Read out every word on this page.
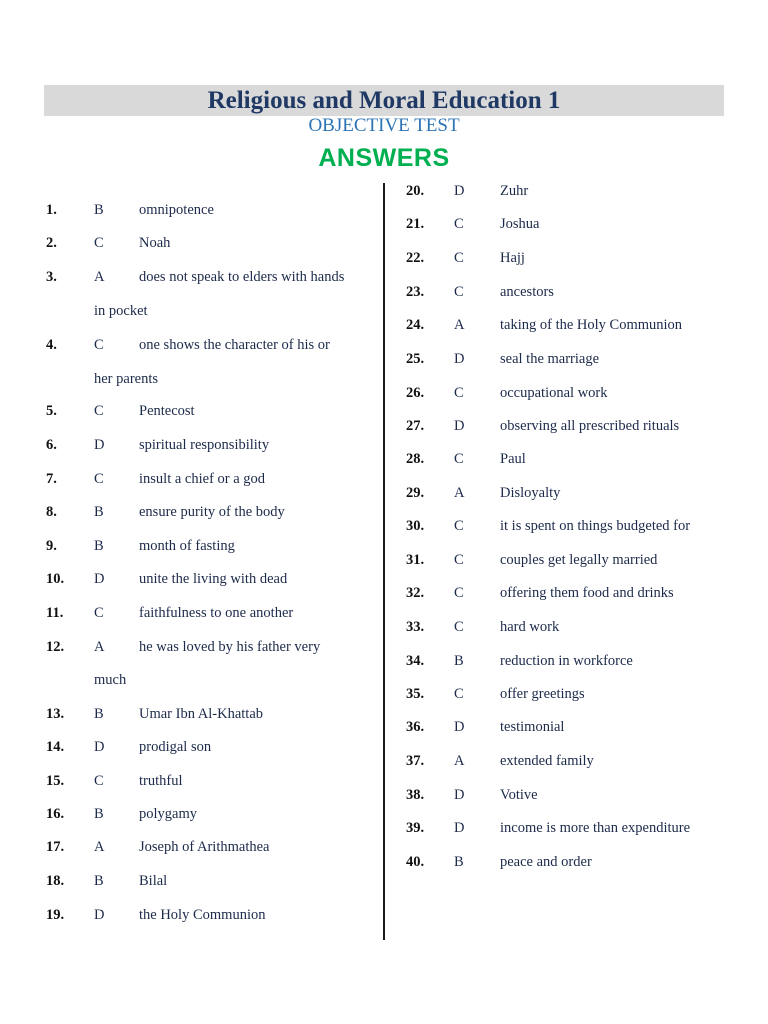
Religious and Moral Education 1
OBJECTIVE TEST
ANSWERS
1.	B omnipotence
2.	C Noah
3.	A does not speak to elders with hands
in pocket
4.	C one shows the character of his or
her parents
5.	C Pentecost
6.	D spiritual responsibility
7.	C insult a chief or a god
8.	B ensure purity of the body
9.	B month of fasting
10. D unite the living with dead
11. C faithfulness to one another
12. A he was loved by his father very
much
13. B Umar Ibn Al-Khattab
14. D prodigal son
15. C truthful
16. B polygamy
17. A Joseph of Arithmathea
18. B Bilal
19. D the Holy Communion
20. D Zuhr
21. C	Joshua
22. C	Hajj
23. C	ancestors
24. A taking of the Holy Communion
25. D seal the marriage
26. C	occupational work
27. D observing all prescribed rituals
28. C	Paul
29. A Disloyalty
30. C	it is spent on things budgeted for
31. C	couples get legally married
32. C	offering them food and drinks
33. C	hard work
34. B	reduction in workforce
35. C	offer greetings
36. D testimonial
37. A extended family
38. D Votive
39. D income is more than expenditure
40. B	peace and order
